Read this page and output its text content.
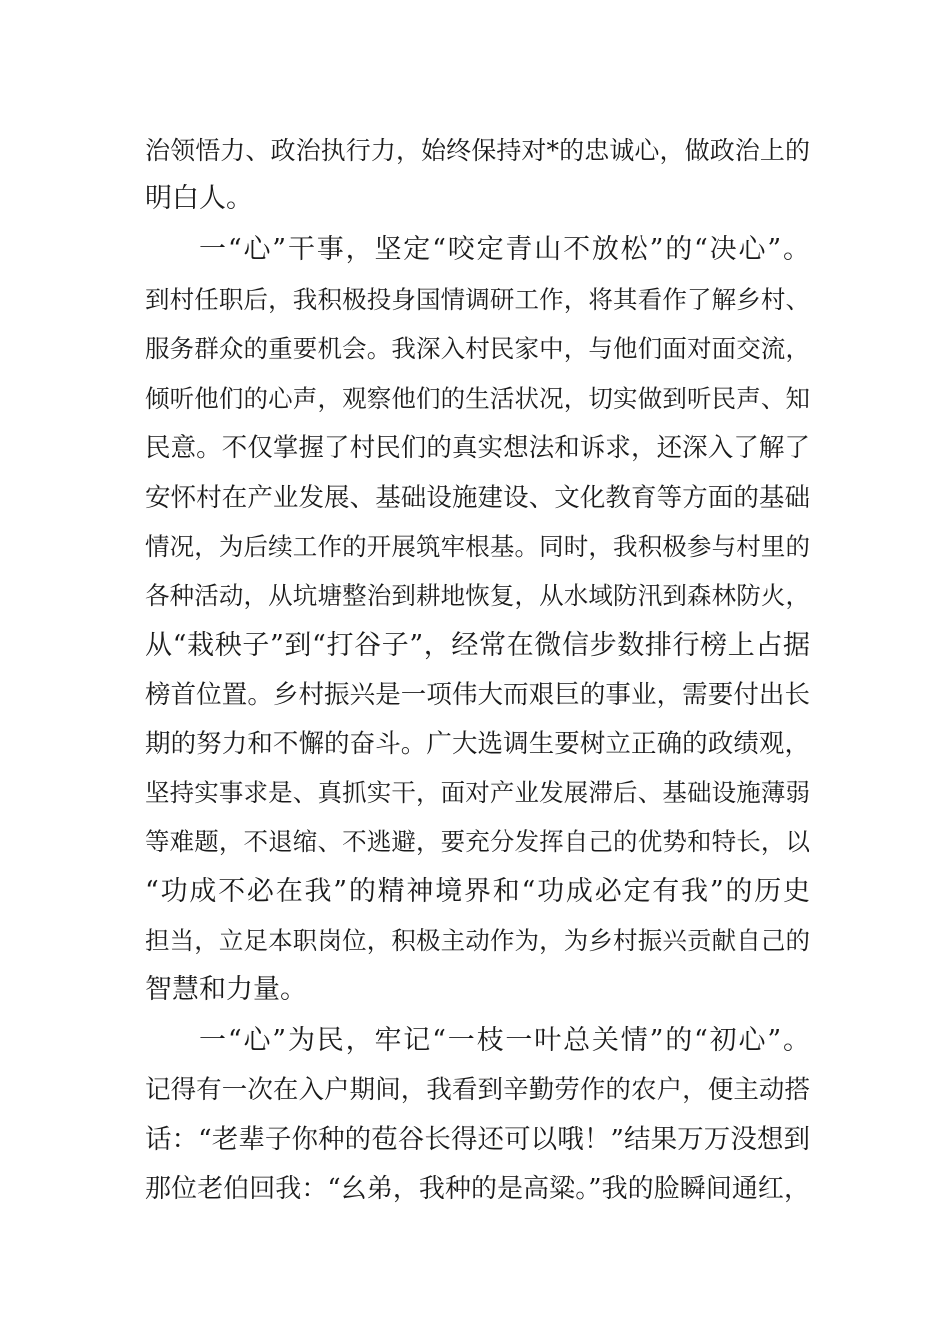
治领悟力、政治执行力，始终保持对*的忠诚心，做政治上的
明白人。
一“心”干事，坚定“咬定青山不放松”的“决心”。
到村任职后，我积极投身国情调研工作，将其看作了解乡村、
服务群众的重要机会。我深入村民家中，与他们面对面交流，
倾听他们的心声，观察他们的生活状况，切实做到听民声、知
民意。不仅掌握了村民们的真实想法和诉求，还深入了解了
安怀村在产业发展、基础设施建设、文化教育等方面的基础
情况，为后续工作的开展筑牢根基。同时，我积极参与村里的
各种活动，从坑塘整治到耕地恢复，从水域防汛到森林防火，
从“栽秧子”到“打谷子”，经常在微信步数排行榜上占据
榜首位置。乡村振兴是一项伟大而艰巨的事业，需要付出长
期的努力和不懈的奋斗。广大选调生要树立正确的政绩观，
坚持实事求是、真抓实干，面对产业发展滞后、基础设施薄弱
等难题，不退缩、不逃避，要充分发挥自己的优势和特长，以
“功成不必在我”的精神境界和“功成必定有我”的历史
担当，立足本职岗位，积极主动作为，为乡村振兴贡献自己的
智慧和力量。
一“心”为民，牢记“一枝一叶总关情”的“初心”。
记得有一次在入户期间，我看到辛勤劳作的农户，便主动搭
话：“老辈子你种的苞谷长得还可以哦！”结果万万没想到
那位老伯回我：“幺弟，我种的是高粱。”我的脸瞬间通红，
